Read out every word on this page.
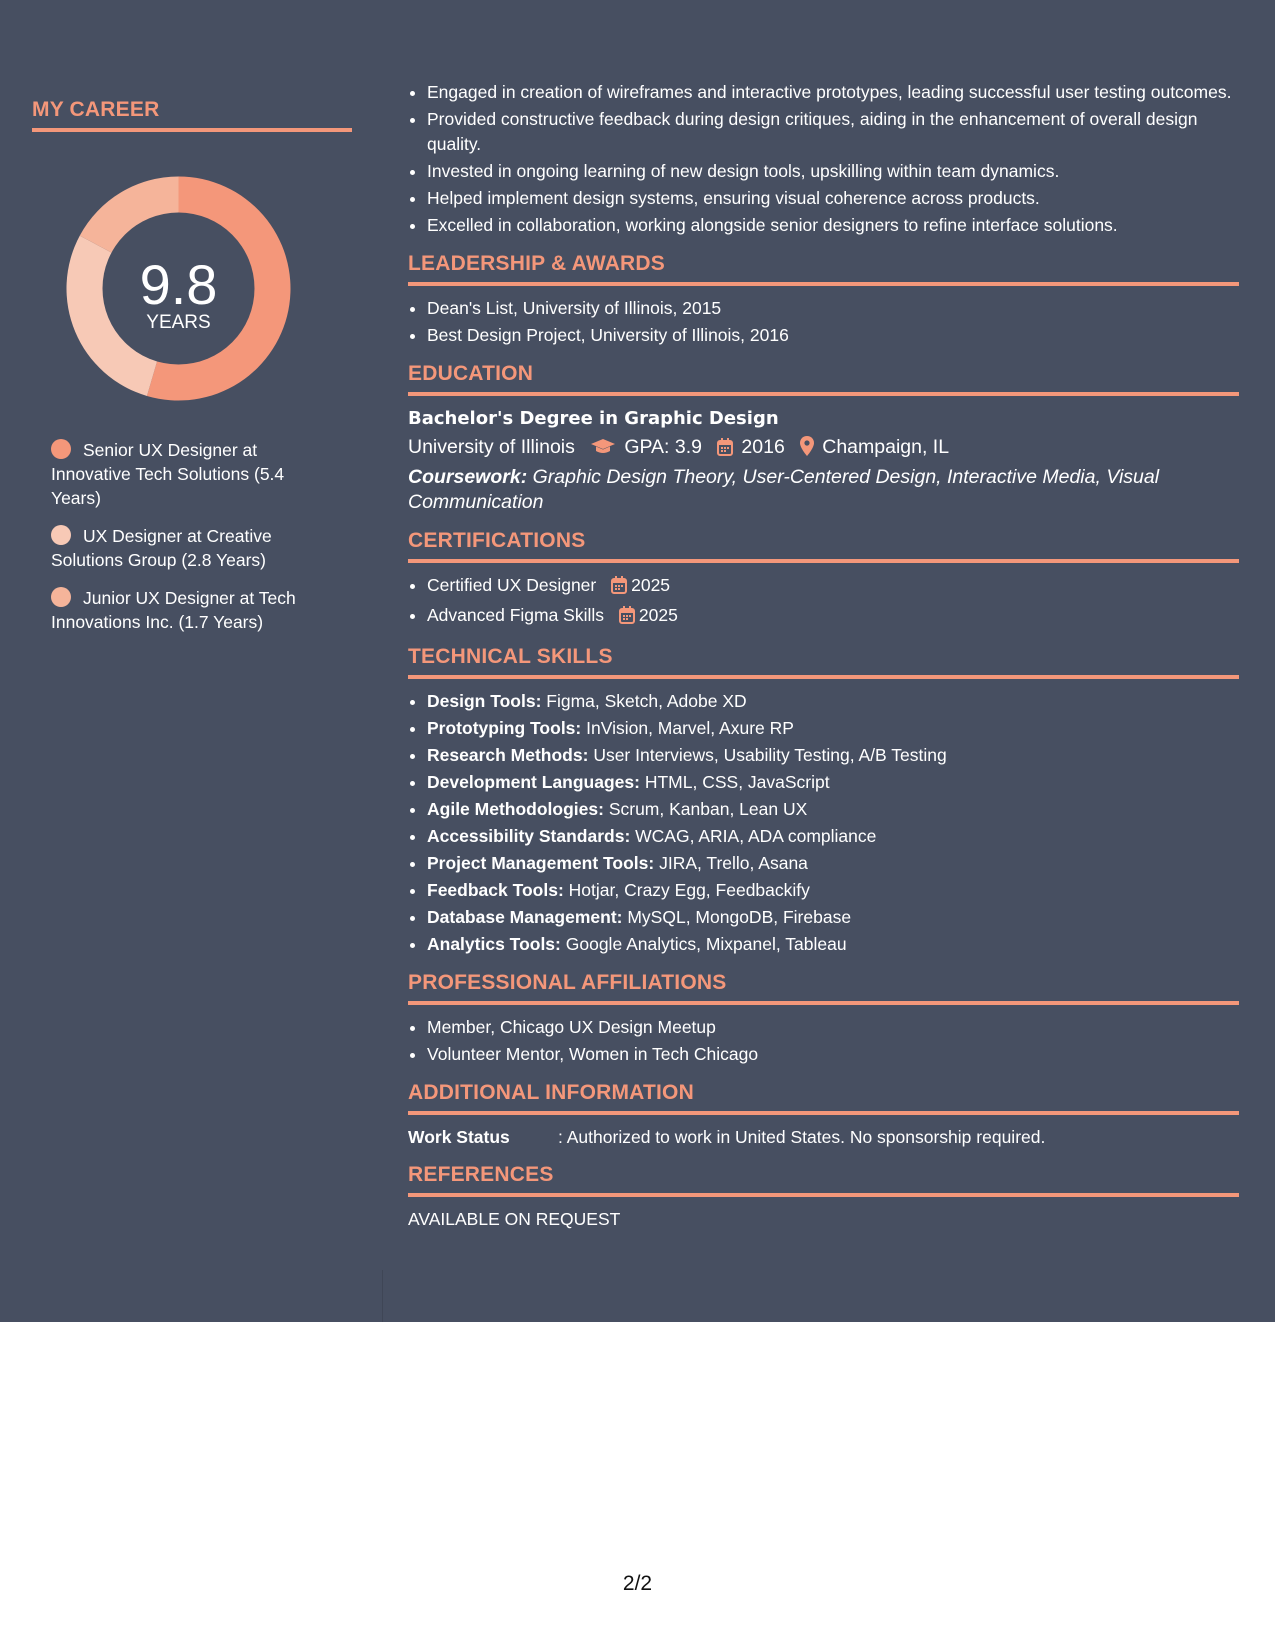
MY CAREER
9.8
YEARS
Senior UX Designer at Innovative Tech Solutions (5.4 Years)
UX Designer at Creative Solutions Group (2.8 Years)
Junior UX Designer at Tech Innovations Inc. (1.7 Years)
• Engaged in creation of wireframes and interactive prototypes, leading successful user testing outcomes.
• Provided constructive feedback during design critiques, aiding in the enhancement of overall design quality.
• Invested in ongoing learning of new design tools, upskilling within team dynamics.
• Helped implement design systems, ensuring visual coherence across products.
• Excelled in collaboration, working alongside senior designers to refine interface solutions.
LEADERSHIP & AWARDS
• Dean's List, University of Illinois, 2015
• Best Design Project, University of Illinois, 2016
EDUCATION
Bachelor's Degree in Graphic Design
University of Illinois	GPA: 3.9 2016 Champaign, IL
Coursework: Graphic Design Theory, User-Centered Design, Interactive Media, Visual Communication
CERTIFICATIONS
• Certified UX Designer 2025
• Advanced Figma Skills 2025
TECHNICAL SKILLS
• Design Tools: Figma, Sketch, Adobe XD
• Prototyping Tools: InVision, Marvel, Axure RP
• Research Methods: User Interviews, Usability Testing, A/B Testing
• Development Languages: HTML, CSS, JavaScript
• Agile Methodologies: Scrum, Kanban, Lean UX
• Accessibility Standards: WCAG, ARIA, ADA compliance
• Project Management Tools: JIRA, Trello, Asana
• Feedback Tools: Hotjar, Crazy Egg, Feedbackify
• Database Management: MySQL, MongoDB, Firebase
• Analytics Tools: Google Analytics, Mixpanel, Tableau
PROFESSIONAL AFFILIATIONS
• Member, Chicago UX Design Meetup
• Volunteer Mentor, Women in Tech Chicago
ADDITIONAL INFORMATION
Work Status	: Authorized to work in United States. No sponsorship required.
REFERENCES
AVAILABLE ON REQUEST
2/2
